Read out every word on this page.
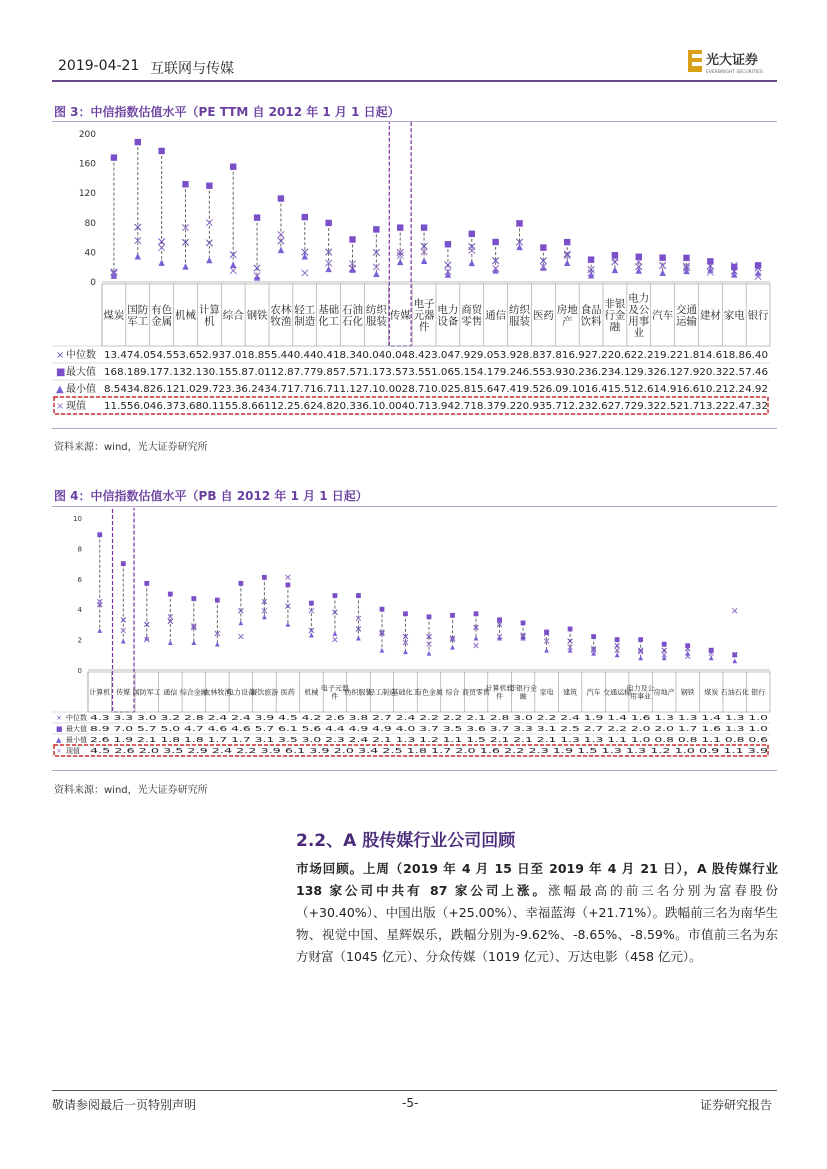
2019-04-21 互联网与传媒
光大证券
EVERBRIGHT SECURITIES
图 3：中信指数估值水平（PE TTM 自 2012 年 1 月 1 日起）
0
40
80
120
160
200
煤炭 国防
军工
有色
金属 机械 计算
机 综合 钢铁 农林
牧渔
轻工
制造
基础
化工
石油
石化
纺织
服装 传媒
电子
元器
件
电力
设备
商贸
零售 通信 纺织
服装 医药 房地
产
食品
饮料
非银
行金
融
电力
及公
用事
业
汽车 交通
运输 建材 家电 银行
× 中位数 13.474.054.553.652.937.018.855.440.440.418.340.040.048.423.047.929.053.928.837.816.927.220.622.219.221.814.618.86.40
■ 最大值 168.189.177.132.130.155.87.0112.87.779.857.571.173.573.551.065.154.179.246.553.930.236.234.129.326.127.920.322.57.46
▲ 最小值 8.5434.826.121.029.723.36.2434.717.716.711.127.10.0028.710.025.815.647.419.526.09.1016.415.512.614.916.610.212.24.92
× 现值 11.556.046.373.680.1155.8.66112.25.624.820.336.10.0040.713.942.718.379.220.935.712.232.627.729.322.521.713.222.47.32
资料来源：wind，光大证券研究所
图 4：中信指数估值水平（PB 自 2012 年 1 月 1 日起）
0
2
4
6
8
10
计算机 传媒 国防军工 通信 综合金融
农林牧渔
电力设备
餐饮旅游 医药 机械 电子元器
件 纺织服装
轻工制造
基础化工
有色金属 综合 商贸零售
计算机软
件
非银行金
融 家电 建筑 汽车 交通运输
电力及公
用事业 房地产 钢铁 煤炭 石油石化 银行
× 中位数 4.3 3.3 3.0 3.2 2.8 2.4 2.4 3.9 4.5 4.2 2.6 3.8 2.7 2.4 2.2 2.2 2.1 2.8 3.0 2.2 2.4 1.9 1.4 1.6 1.3 1.3 1.4 1.3 1.0
■ 最大值 8.9 7.0 5.7 5.0 4.7 4.6 4.6 5.7 6.1 5.6 4.4 4.9 4.9 4.0 3.7 3.5 3.6 3.7 3.3 3.1 2.5 2.7 2.2 2.0 2.0 1.7 1.6 1.3 1.0
▲ 最小值 2.6 1.9 2.1 1.8 1.8 1.7 1.7 3.1 3.5 3.0 2.3 2.4 2.1 1.3 1.2 1.1 1.5 2.1 2.1 2.1 1.3 1.3 1.1 1.0 0.8 0.8 1.1 0.8 0.6
× 现值 4.5 2.6 2.0 3.5 2.9 2.4 2.2 3.9 6.1 3.9 2.0 3.4 2.5 1.8 1.7 2.0 1.6 2.2 2.3 1.9 1.5 1.3 1.3 1.2 1.0 0.9 1.1 3.9
资料来源：wind，光大证券研究所
2.2、A 股传媒行业公司回顾
市场回顾。上周（2019 年 4 月 15 日至 2019 年 4 月 21 日），A 股传媒行业 138 家公司中共有 87 家公司上涨。涨幅最高的前三名分别为富春股份（+30.40%）、中国出版（+25.00%）、幸福蓝海（+21.71%）。跌幅前三名为南华生物、视觉中国、星辉娱乐，跌幅分别为-9.62%、-8.65%、-8.59%。市值前三名为东方财富（1045 亿元）、分众传媒（1019 亿元）、万达电影（458 亿元）。
敬请参阅最后一页特别声明	-5-	证券研究报告
